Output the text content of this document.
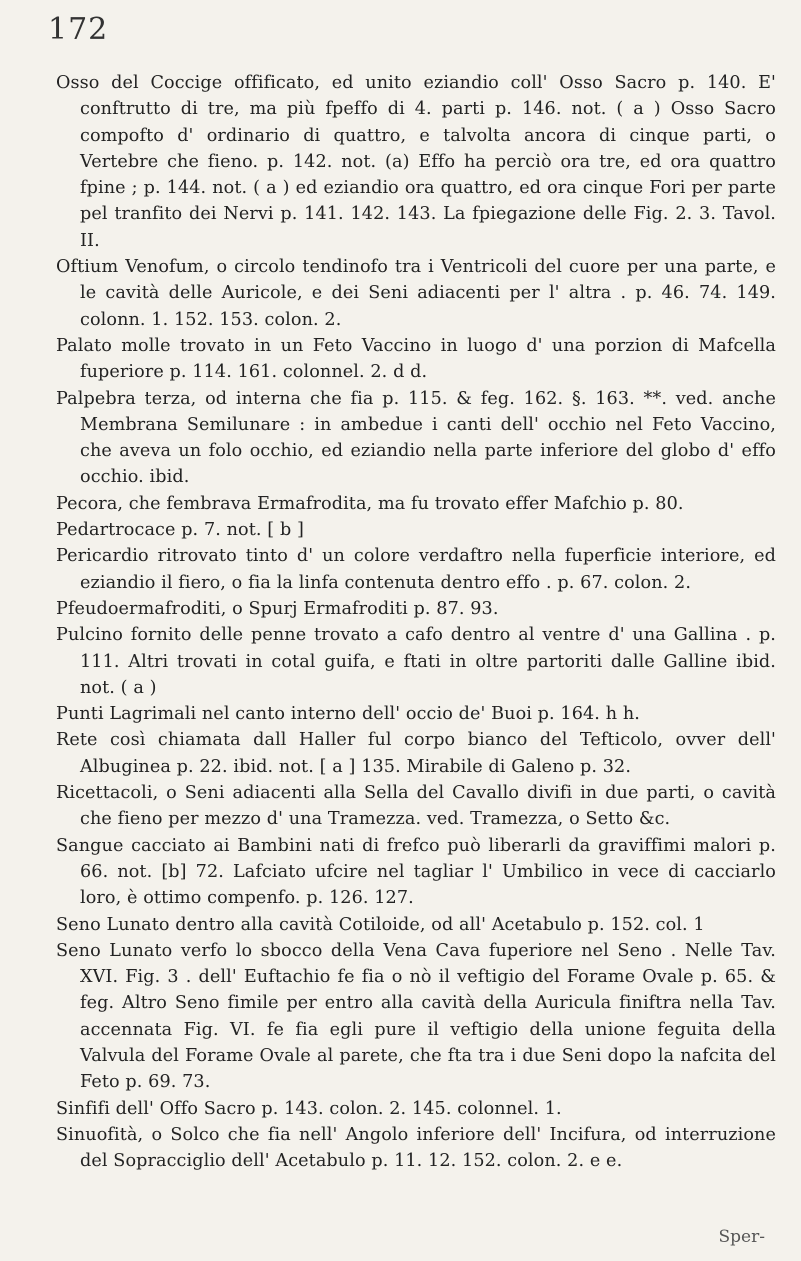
172

Osso del Coccige offificato, ed unito eziandio coll' Osso Sacro p. 140. E' conftrutto di tre, ma più fpeffo di 4. parti p. 146. not. ( a ) Osso Sacro compofto d' ordinario di quattro, e talvolta ancora di cinque parti, o Vertebre che fieno. p. 142. not. (a) Effo ha perciò ora tre, ed ora quattro fpine ; p. 144. not. ( a ) ed eziandio ora quattro, ed ora cinque Fori per parte pel tranfito dei Nervi p. 141. 142. 143. La fpiegazione delle Fig. 2. 3. Tavol. II.

Oftium Venofum, o circolo tendinofo tra i Ventricoli del cuore per una parte, e le cavità delle Auricole, e dei Seni adiacenti per l' altra . p. 46. 74. 149. colonn. 1. 152. 153. colon. 2.

Palato molle trovato in un Feto Vaccino in luogo d' una porzion di Mafcella fuperiore p. 114. 161. colonnel. 2. d d.

Palpebra terza, od interna che fia p. 115. & feg. 162. §. 163. **. ved. anche Membrana Semilunare : in ambedue i canti dell' occhio nel Feto Vaccino, che aveva un folo occhio, ed eziandio nella parte inferiore del globo d' effo occhio. ibid.

Pecora, che fembrava Ermafrodita, ma fu trovato effer Mafchio p. 80.

Pedartrocace p. 7. not. [ b ]

Pericardio ritrovato tinto d' un colore verdaftro nella fuperficie interiore, ed eziandio il fiero, o fia la linfa contenuta dentro effo . p. 67. colon. 2.

Pfeudoermafroditi, o Spurj Ermafroditi p. 87. 93.

Pulcino fornito delle penne trovato a cafo dentro al ventre d' una Gallina . p. 111. Altri trovati in cotal guifa, e ftati in oltre partoriti dalle Galline ibid. not. ( a )

Punti Lagrimali nel canto interno dell' occio de' Buoi p. 164. h h.

Rete così chiamata dall Haller ful corpo bianco del Tefticolo, ovver dell' Albuginea p. 22. ibid. not. [ a ] 135. Mirabile di Galeno p. 32.

Ricettacoli, o Seni adiacenti alla Sella del Cavallo divifi in due parti, o cavità che fieno per mezzo d' una Tramezza. ved. Tramezza, o Setto &c.

Sangue cacciato ai Bambini nati di frefco può liberarli da graviffimi malori p. 66. not. [b] 72. Lafciato ufcire nel tagliar l' Umbilico in vece di cacciarlo loro, è ottimo compenfo. p. 126. 127.

Seno Lunato dentro alla cavità Cotiloide, od all' Acetabulo p. 152. col. 1

Seno Lunato verfo lo sbocco della Vena Cava fuperiore nel Seno . Nelle Tav. XVI. Fig. 3 . dell' Euftachio fe fia o nò il veftigio del Forame Ovale p. 65. & feg. Altro Seno fimile per entro alla cavità della Auricula finiftra nella Tav. accennata Fig. VI. fe fia egli pure il veftigio della unione feguita della Valvula del Forame Ovale al parete, che fta tra i due Seni dopo la nafcita del Feto p. 69. 73.

Sinfifi dell' Offo Sacro p. 143. colon. 2. 145. colonnel. 1.

Sinuofità, o Solco che fia nell' Angolo inferiore dell' Incifura, od interruzione del Sopracciglio dell' Acetabulo p. 11. 12. 152. colon. 2. e e.

Sper-
